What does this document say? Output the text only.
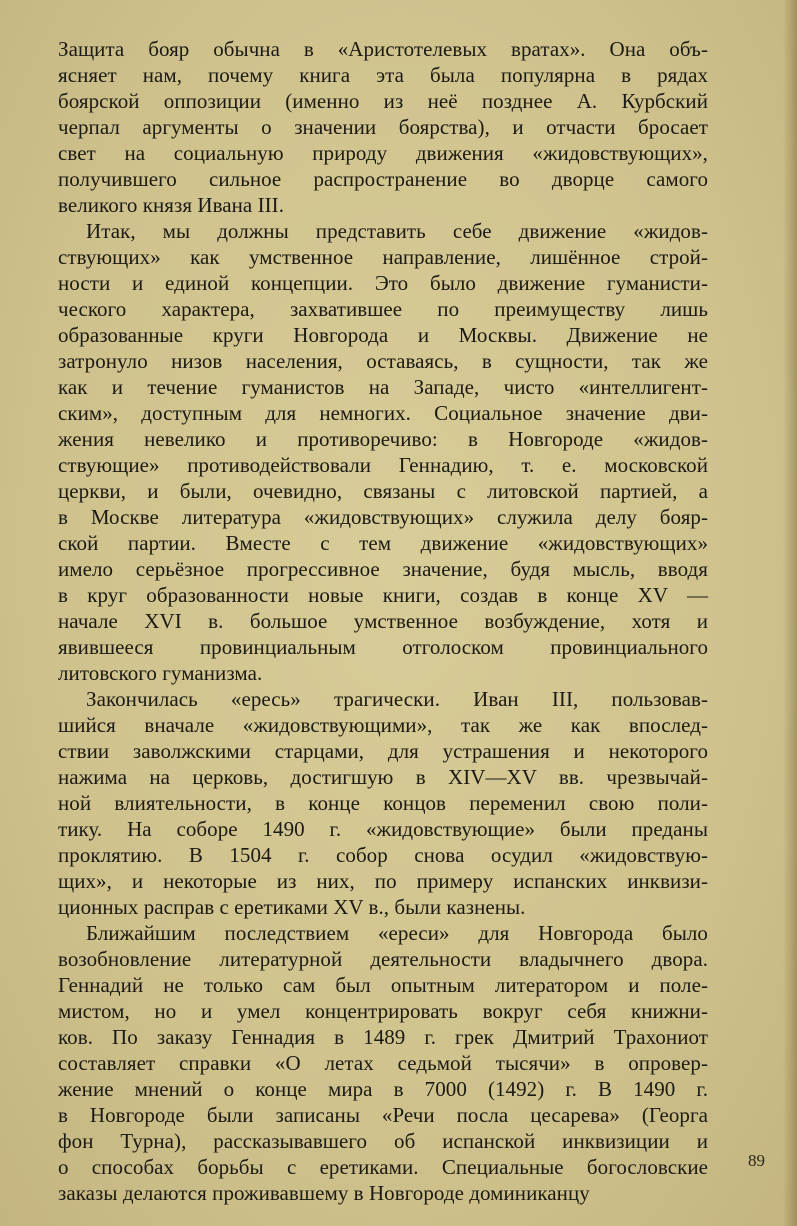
Защита бояр обычна в «Аристотелевых вратах». Она объ-
ясняет нам, почему книга эта была популярна в рядах
боярской оппозиции (именно из неё позднее А. Курбский
черпал аргументы о значении боярства), и отчасти бросает
свет на социальную природу движения «жидовствующих»,
получившего сильное распространение во дворце самого
великого князя Ивана III.

Итак, мы должны представить себе движение «жидов-
ствующих» как умственное направление, лишённое строй-
ности и единой концепции. Это было движение гуманисти-
ческого характера, захватившее по преимуществу лишь
образованные круги Новгорода и Москвы. Движение не
затронуло низов населения, оставаясь, в сущности, так же
как и течение гуманистов на Западе, чисто «интеллигент-
ским», доступным для немногих. Социальное значение дви-
жения невелико и противоречиво: в Новгороде «жидов-
ствующие» противодействовали Геннадию, т. е. московской
церкви, и были, очевидно, связаны с литовской партией, а
в Москве литература «жидовствующих» служила делу бояр-
ской партии. Вместе с тем движение «жидовствующих»
имело серьёзное прогрессивное значение, будя мысль, вводя
в круг образованности новые книги, создав в конце XV —
начале XVI в. большое умственное возбуждение, хотя и
явившееся провинциальным отголоском провинциального
литовского гуманизма.

Закончилась «ересь» трагически. Иван III, пользовав-
шийся вначале «жидовствующими», так же как впослед-
ствии заволжскими старцами, для устрашения и некоторого
нажима на церковь, достигшую в XIV—XV вв. чрезвычай-
ной влиятельности, в конце концов переменил свою поли-
тику. На соборе 1490 г. «жидовствующие» были преданы
проклятию. В 1504 г. собор снова осудил «жидовствую-
щих», и некоторые из них, по примеру испанских инквизи-
ционных расправ с еретиками XV в., были казнены.

Ближайшим последствием «ереси» для Новгорода было
возобновление литературной деятельности владычнего двора.
Геннадий не только сам был опытным литератором и поле-
мистом, но и умел концентрировать вокруг себя книжни-
ков. По заказу Геннадия в 1489 г. грек Дмитрий Трахониот
составляет справки «О летах седьмой тысячи» в опровер-
жение мнений о конце мира в 7000 (1492) г. В 1490 г.
в Новгороде были записаны «Речи посла цесарева» (Георга
фон Турна), рассказывавшего об испанской инквизиции и
о способах борьбы с еретиками. Специальные богословские
заказы делаются проживавшему в Новгороде доминиканцу

89
